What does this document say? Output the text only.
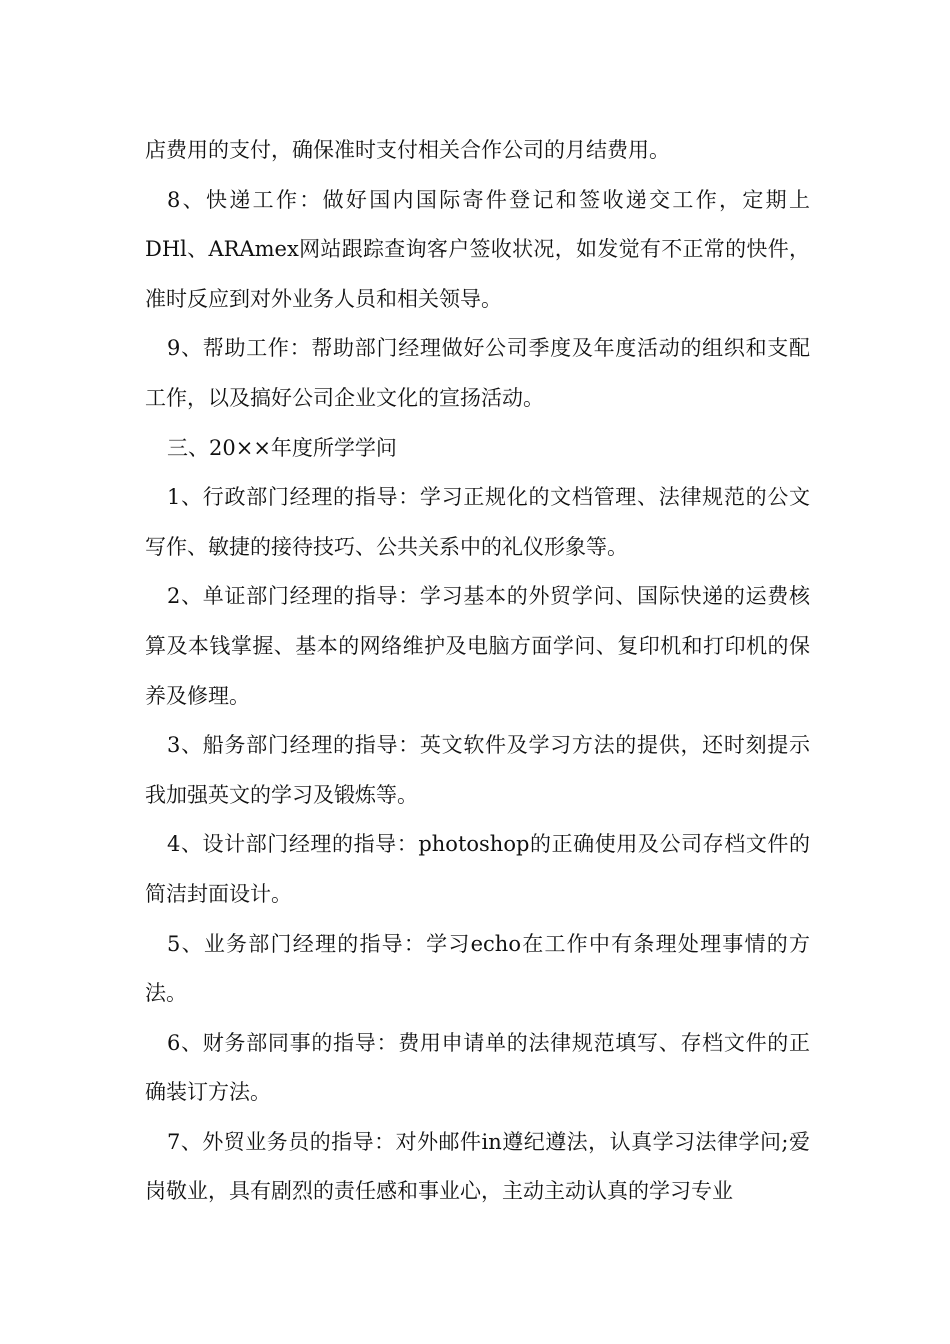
店费用的支付，确保准时支付相关合作公司的月结费用。

8、快递工作：做好国内国际寄件登记和签收递交工作，定期上DHl、ARAmex网站跟踪查询客户签收状况，如发觉有不正常的快件，准时反应到对外业务人员和相关领导。

9、帮助工作：帮助部门经理做好公司季度及年度活动的组织和支配工作，以及搞好公司企业文化的宣扬活动。

三、20××年度所学学问

1、行政部门经理的指导：学习正规化的文档管理、法律规范的公文写作、敏捷的接待技巧、公共关系中的礼仪形象等。

2、单证部门经理的指导：学习基本的外贸学问、国际快递的运费核算及本钱掌握、基本的网络维护及电脑方面学问、复印机和打印机的保养及修理。

3、船务部门经理的指导：英文软件及学习方法的提供，还时刻提示我加强英文的学习及锻炼等。

4、设计部门经理的指导：photoshop的正确使用及公司存档文件的简洁封面设计。

5、业务部门经理的指导：学习echo在工作中有条理处理事情的方法。

6、财务部同事的指导：费用申请单的法律规范填写、存档文件的正确装订方法。

7、外贸业务员的指导：对外邮件in遵纪遵法，认真学习法律学问;爱岗敬业，具有剧烈的责任感和事业心，主动主动认真的学习专业
